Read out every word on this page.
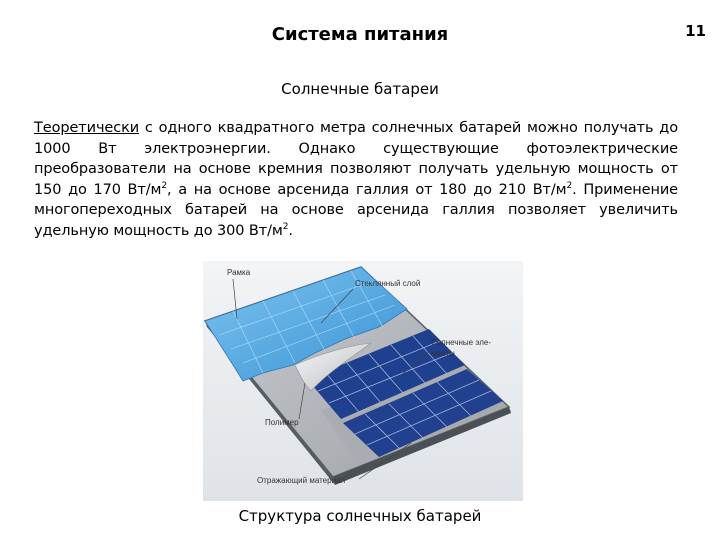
11
Система питания
Солнечные батареи
Теоретически с одного квадратного метра солнечных батарей можно получать до 1000 Вт электроэнергии. Однако существующие фотоэлектрические преобразователи на основе кремния позволяют получать удельную мощность от 150 до 170 $Вт/м^2$, а на основе арсенида галлия от 180 до 210 $Вт/м^2$. Применение многопереходных батарей на основе арсенида галлия позволяет увеличить удельную мощность до 300 $Вт/м^2$.
Рамка
Стеклянный слой
Солнечные эле-
менты
Полимер
Отражающий материал
Структура солнечных батарей
